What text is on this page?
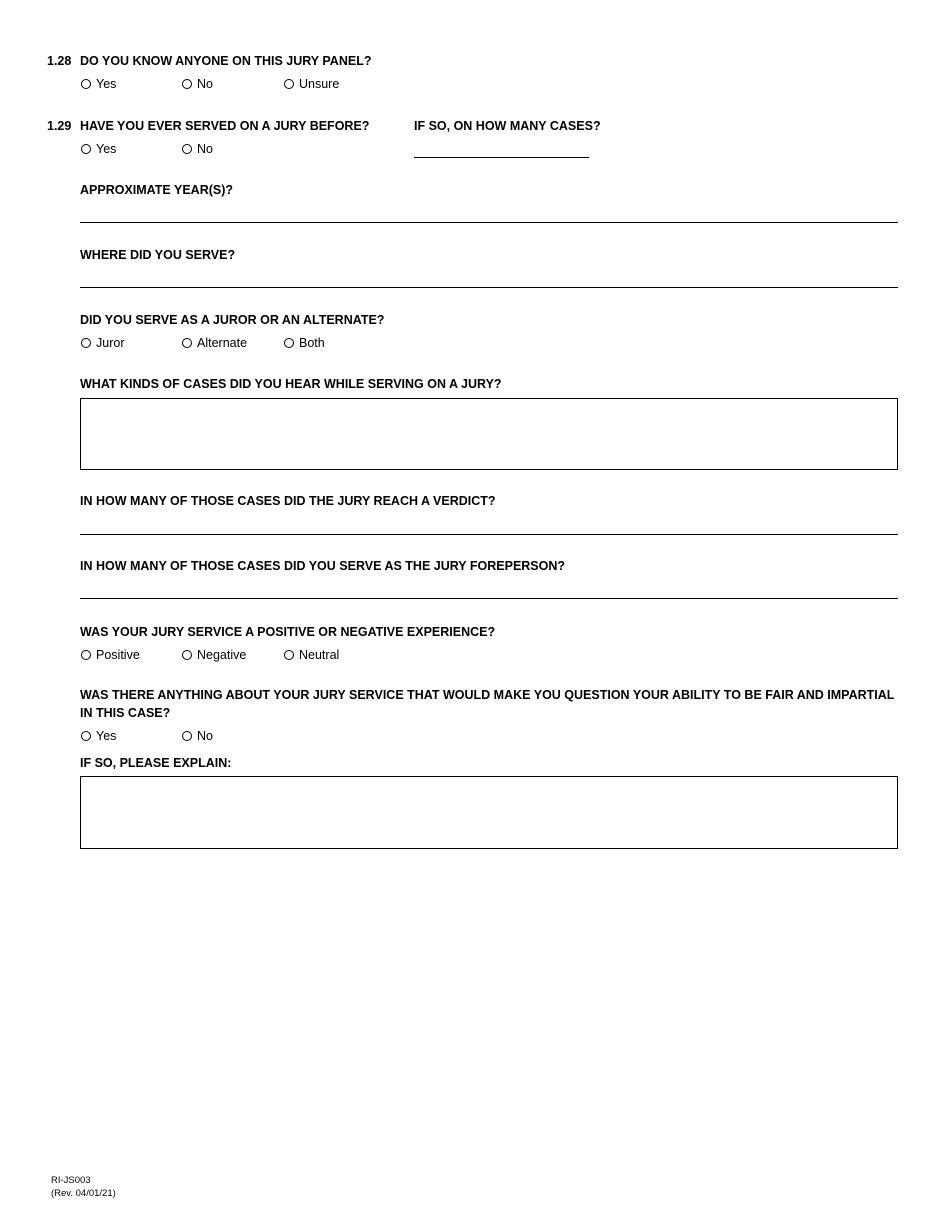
1.28 DO YOU KNOW ANYONE ON THIS JURY PANEL?
Yes	No	Unsure
1.29 HAVE YOU EVER SERVED ON A JURY BEFORE?	IF SO, ON HOW MANY CASES?
Yes	No
APPROXIMATE YEAR(S)?
WHERE DID YOU SERVE?
DID YOU SERVE AS A JUROR OR AN ALTERNATE?
Juror	Alternate	Both
WHAT KINDS OF CASES DID YOU HEAR WHILE SERVING ON A JURY?
IN HOW MANY OF THOSE CASES DID THE JURY REACH A VERDICT?
IN HOW MANY OF THOSE CASES DID YOU SERVE AS THE JURY FOREPERSON?
WAS YOUR JURY SERVICE A POSITIVE OR NEGATIVE EXPERIENCE?
Positive	Negative	Neutral
WAS THERE ANYTHING ABOUT YOUR JURY SERVICE THAT WOULD MAKE YOU QUESTION YOUR ABILITY TO BE FAIR AND IMPARTIAL IN THIS CASE?
Yes	No
IF SO, PLEASE EXPLAIN:
RI-JS003
(Rev. 04/01/21)
